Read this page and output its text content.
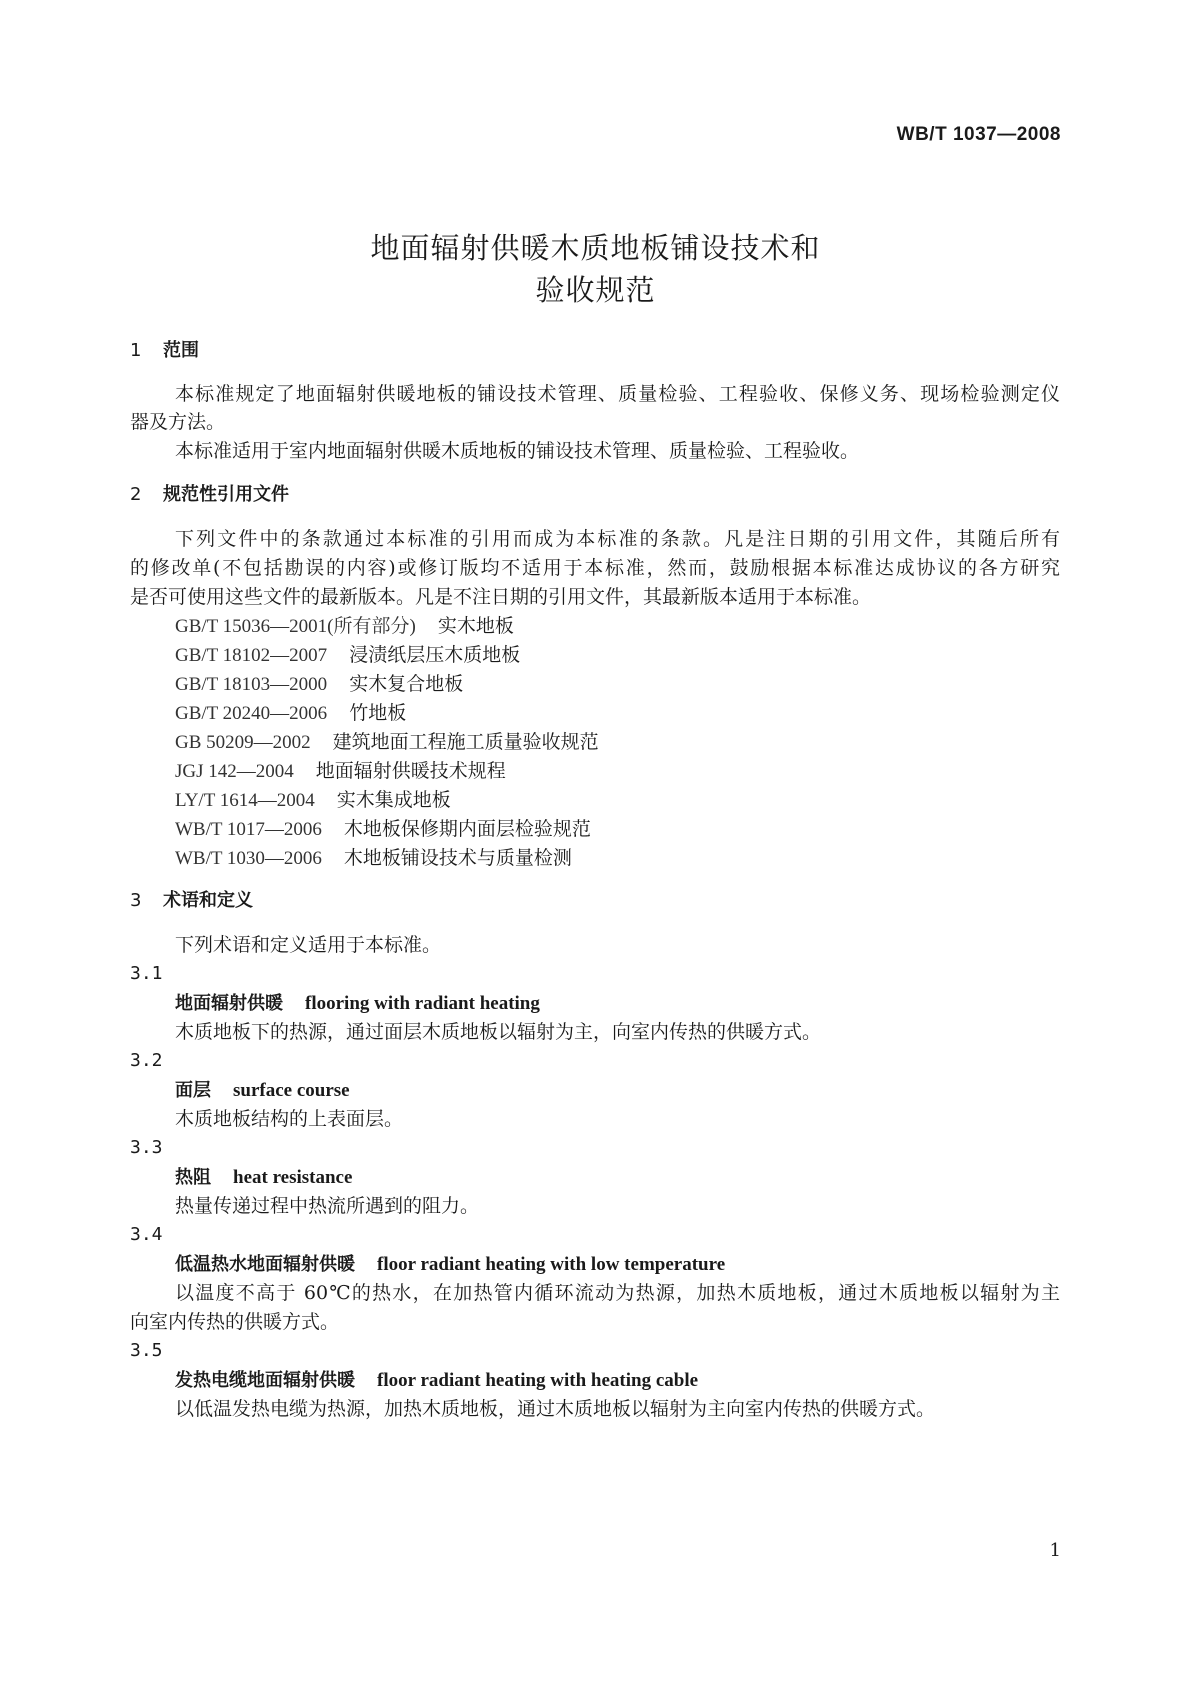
WB/T 1037—2008
地面辐射供暖木质地板铺设技术和
验收规范
1 范围
本标准规定了地面辐射供暖地板的铺设技术管理、质量检验、工程验收、保修义务、现场检验测定仪
器及方法。
本标准适用于室内地面辐射供暖木质地板的铺设技术管理、质量检验、工程验收。
2 规范性引用文件
下列文件中的条款通过本标准的引用而成为本标准的条款。凡是注日期的引用文件，其随后所有
的修改单(不包括勘误的内容)或修订版均不适用于本标准，然而，鼓励根据本标准达成协议的各方研究
是否可使用这些文件的最新版本。凡是不注日期的引用文件，其最新版本适用于本标准。
GB/T 15036—2001(所有部分) 实木地板
GB/T 18102—2007 浸渍纸层压木质地板
GB/T 18103—2000 实木复合地板
GB/T 20240—2006 竹地板
GB 50209—2002 建筑地面工程施工质量验收规范
JGJ 142—2004 地面辐射供暖技术规程
LY/T 1614—2004 实木集成地板
WB/T 1017—2006 木地板保修期内面层检验规范
WB/T 1030—2006 木地板铺设技术与质量检测
3 术语和定义
下列术语和定义适用于本标准。
3.1
地面辐射供暖 flooring with radiant heating
木质地板下的热源，通过面层木质地板以辐射为主，向室内传热的供暖方式。
3.2
面层 surface course
木质地板结构的上表面层。
3.3
热阻 heat resistance
热量传递过程中热流所遇到的阻力。
3.4
低温热水地面辐射供暖 floor radiant heating with low temperature
以温度不高于 60℃的热水，在加热管内循环流动为热源，加热木质地板，通过木质地板以辐射为主
向室内传热的供暖方式。
3.5
发热电缆地面辐射供暖 floor radiant heating with heating cable
以低温发热电缆为热源，加热木质地板，通过木质地板以辐射为主向室内传热的供暖方式。
1
